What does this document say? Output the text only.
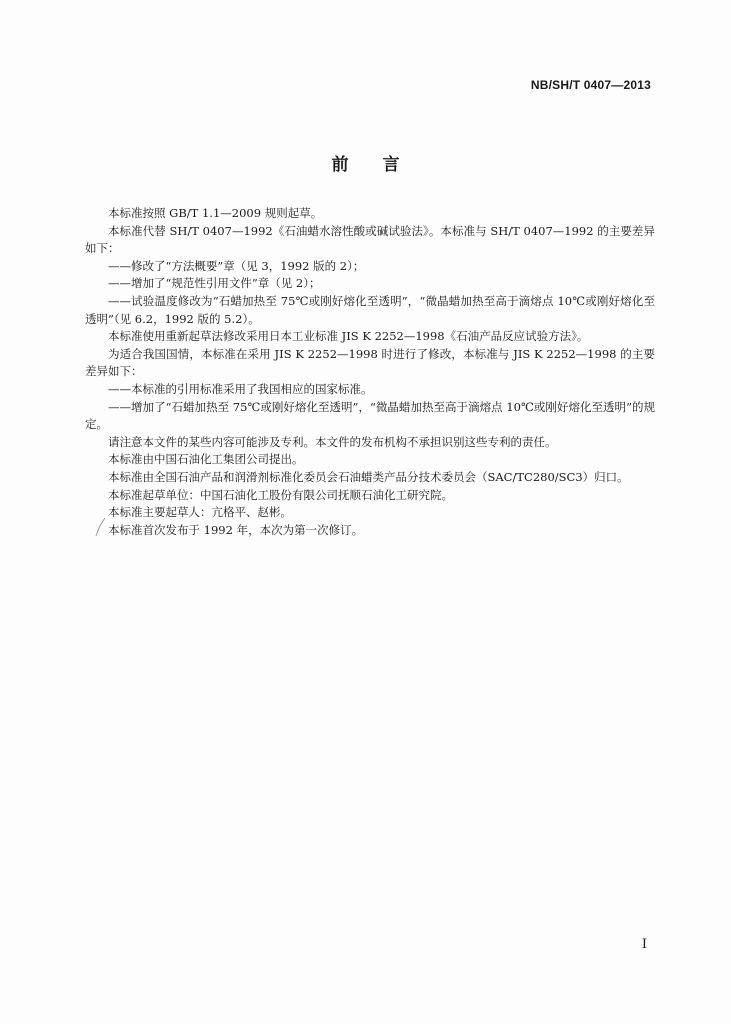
NB/SH/T 0407—2013
前言

本标准按照 GB/T 1.1—2009 规则起草。

本标准代替 SH/T 0407—1992《石油蜡水溶性酸或碱试验法》。本标准与 SH/T 0407—1992 的主要差异如下：

——修改了“方法概要”章（见 3，1992 版的 2）；

——增加了“规范性引用文件”章（见 2）；

——试验温度修改为“石蜡加热至 75℃或刚好熔化至透明”，“微晶蜡加热至高于滴熔点 10℃或刚好熔化至透明”（见 6.2，1992 版的 5.2）。

本标准使用重新起草法修改采用日本工业标准 JIS K 2252—1998《石油产品反应试验方法》。

为适合我国国情，本标准在采用 JIS K 2252—1998 时进行了修改，本标准与 JIS K 2252—1998 的主要差异如下：

——本标准的引用标准采用了我国相应的国家标准。

——增加了“石蜡加热至 75℃或刚好熔化至透明”，“微晶蜡加热至高于滴熔点 10℃或刚好熔化至透明”的规定。

请注意本文件的某些内容可能涉及专利。本文件的发布机构不承担识别这些专利的责任。

本标准由中国石油化工集团公司提出。

本标准由全国石油产品和润滑剂标准化委员会石油蜡类产品分技术委员会（SAC/TC280/SC3）归口。

本标准起草单位：中国石油化工股份有限公司抚顺石油化工研究院。

本标准主要起草人：亢格平、赵彬。

本标准首次发布于 1992 年，本次为第一次修订。

I
